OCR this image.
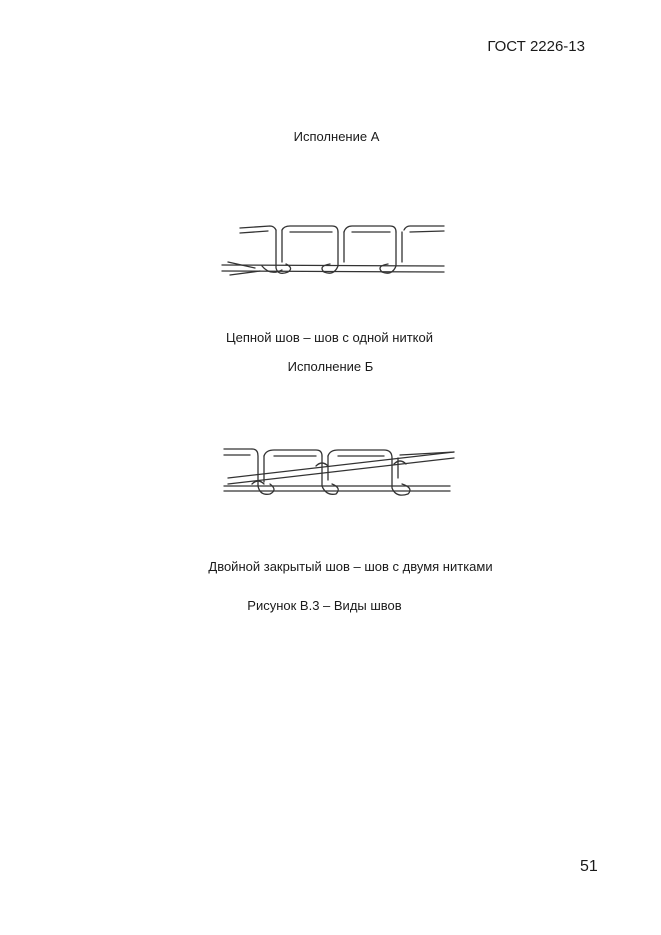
ГОСТ 2226-13
Исполнение А
Цепной шов – шов с одной ниткой
Исполнение Б
Двойной закрытый шов – шов с двумя нитками
Рисунок В.3 – Виды швов
51
